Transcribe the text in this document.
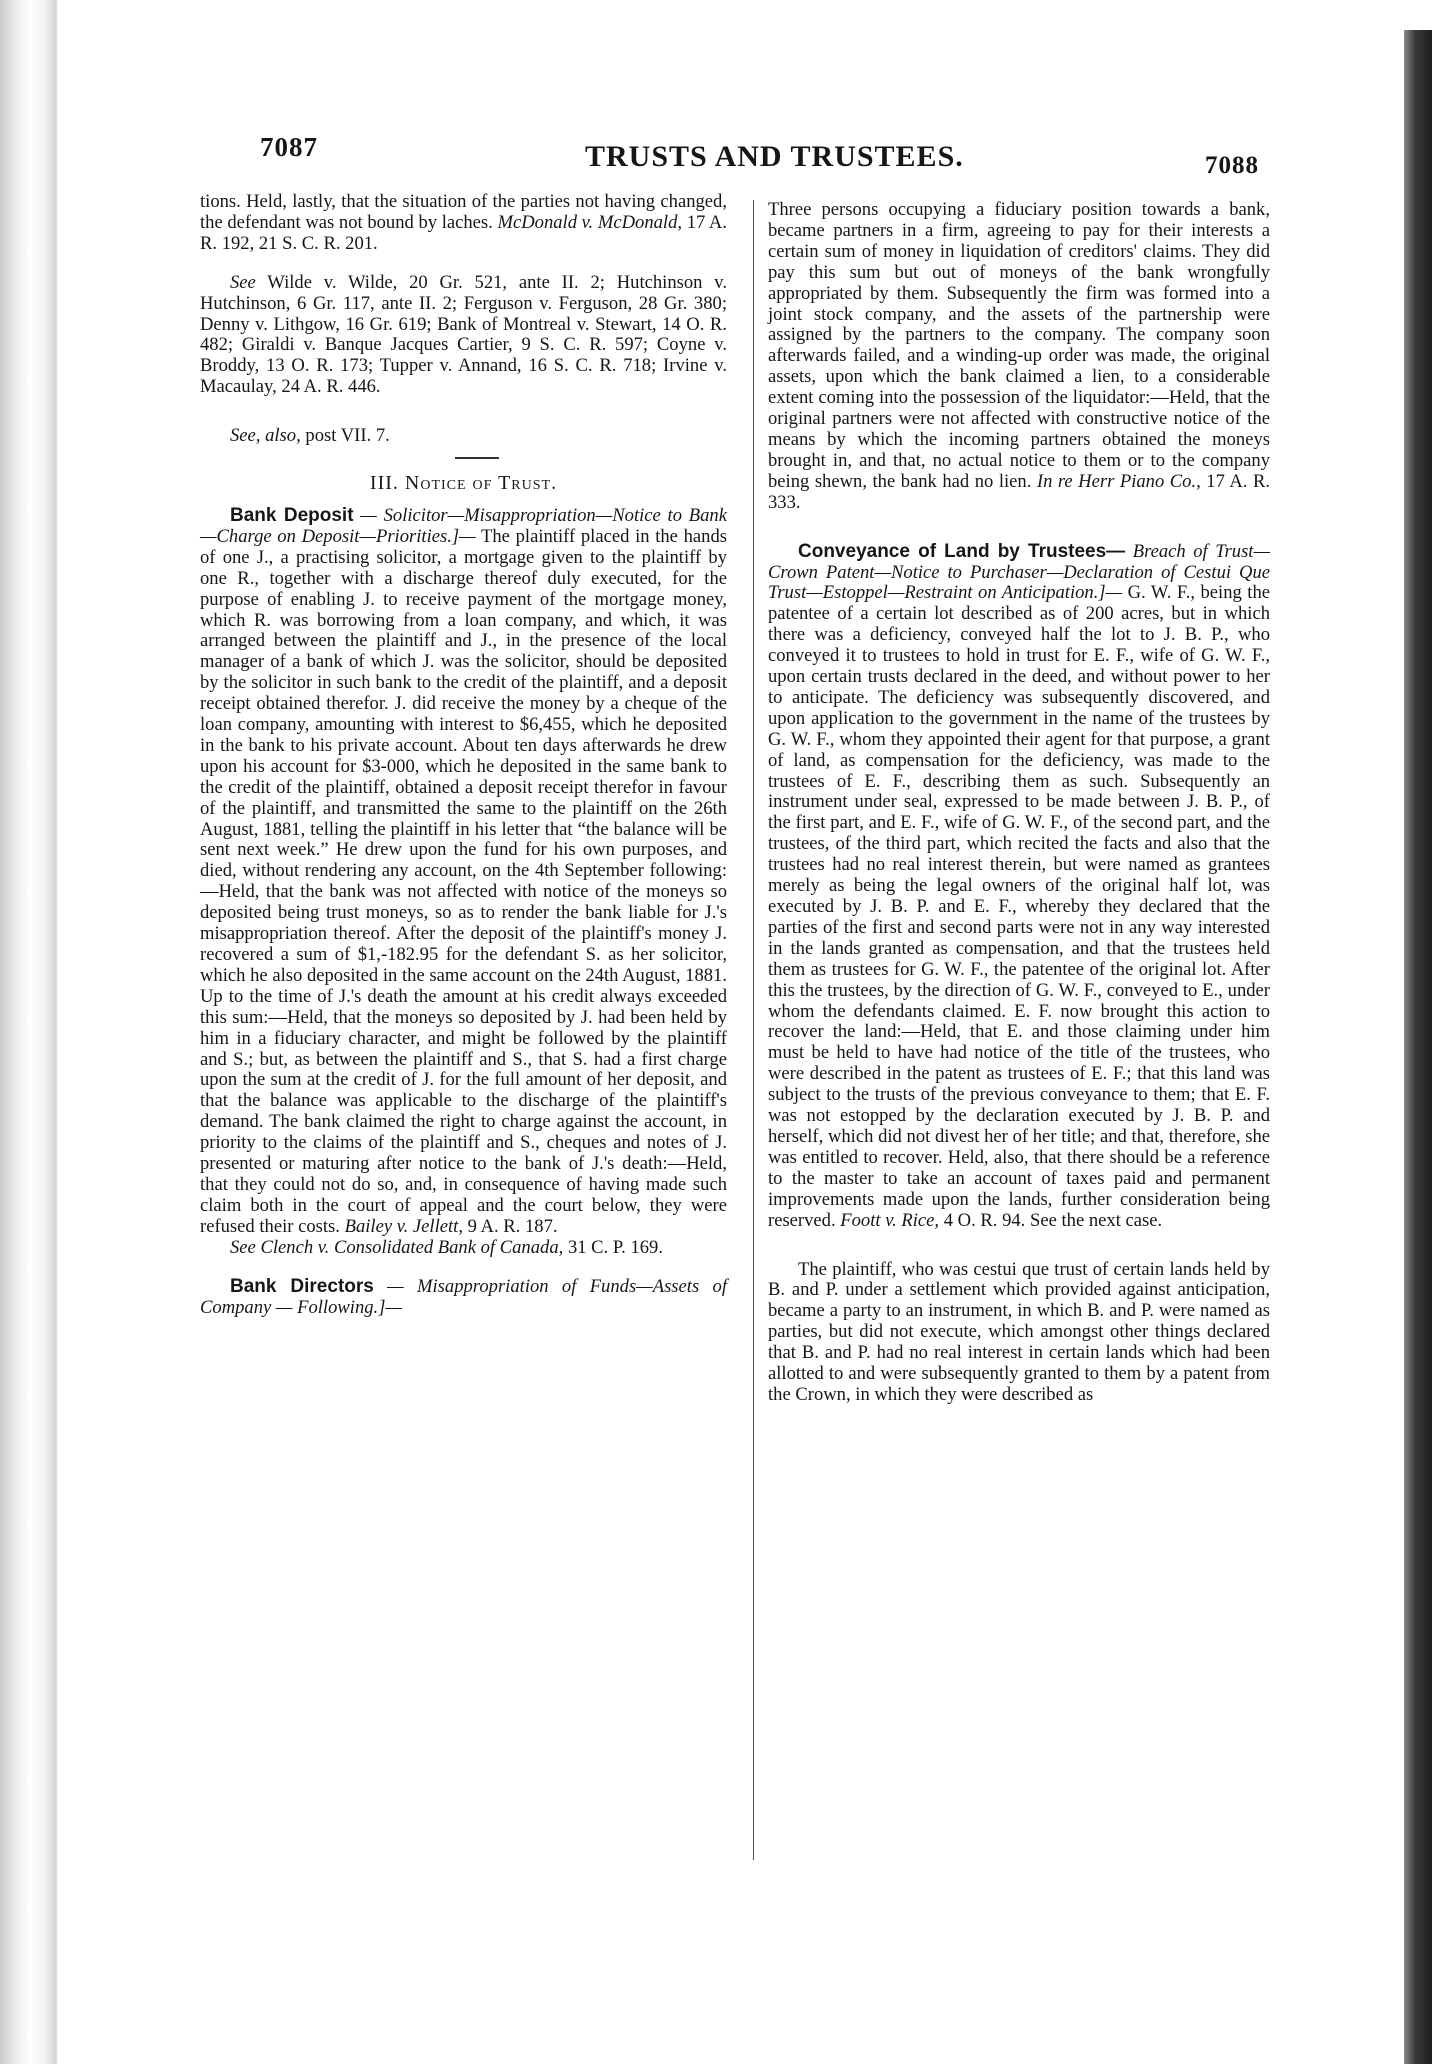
7087	TRUSTS AND TRUSTEES.	7088

tions. Held, lastly, that the situation of the parties not having changed, the defendant was not bound by laches. McDonald v. McDonald, 17 A. R. 192, 21 S. C. R. 201.

See Wilde v. Wilde, 20 Gr. 521, ante II. 2; Hutchinson v. Hutchinson, 6 Gr. 117, ante II. 2; Ferguson v. Ferguson, 28 Gr. 380; Denny v. Lithgow, 16 Gr. 619; Bank of Montreal v. Stewart, 14 O. R. 482; Giraldi v. Banque Jacques Cartier, 9 S. C. R. 597; Coyne v. Broddy, 13 O. R. 173; Tupper v. Annand, 16 S. C. R. 718; Irvine v. Macaulay, 24 A. R. 446.

See, also, post VII. 7.

III. Notice of Trust.

Bank Deposit — Solicitor—Misappropriation—Notice to Bank—Charge on Deposit—Priorities.]— The plaintiff placed in the hands of one J., a practising solicitor, a mortgage given to the plaintiff by one R., together with a discharge thereof duly executed, for the purpose of enabling J. to receive payment of the mortgage money, which R. was borrowing from a loan company, and which, it was arranged between the plaintiff and J., in the presence of the local manager of a bank of which J. was the solicitor, should be deposited by the solicitor in such bank to the credit of the plaintiff, and a deposit receipt obtained therefor. J. did receive the money by a cheque of the loan company, amounting with interest to $6,455, which he deposited in the bank to his private account. About ten days afterwards he drew upon his account for $3-000, which he deposited in the same bank to the credit of the plaintiff, obtained a deposit receipt therefor in favour of the plaintiff, and transmitted the same to the plaintiff on the 26th August, 1881, telling the plaintiff in his letter that “the balance will be sent next week.” He drew upon the fund for his own purposes, and died, without rendering any account, on the 4th September following:—Held, that the bank was not affected with notice of the moneys so deposited being trust moneys, so as to render the bank liable for J.'s misappropriation thereof. After the deposit of the plaintiff's money J. recovered a sum of $1,-182.95 for the defendant S. as her solicitor, which he also deposited in the same account on the 24th August, 1881. Up to the time of J.'s death the amount at his credit always exceeded this sum:—Held, that the moneys so deposited by J. had been held by him in a fiduciary character, and might be followed by the plaintiff and S.; but, as between the plaintiff and S., that S. had a first charge upon the sum at the credit of J. for the full amount of her deposit, and that the balance was applicable to the discharge of the plaintiff's demand. The bank claimed the right to charge against the account, in priority to the claims of the plaintiff and S., cheques and notes of J. presented or maturing after notice to the bank of J.'s death:—Held, that they could not do so, and, in consequence of having made such claim both in the court of appeal and the court below, they were refused their costs. Bailey v. Jellett, 9 A. R. 187.

See Clench v. Consolidated Bank of Canada, 31 C. P. 169.

Bank Directors — Misappropriation of Funds—Assets of Company — Following.]—

Three persons occupying a fiduciary position towards a bank, became partners in a firm, agreeing to pay for their interests a certain sum of money in liquidation of creditors' claims. They did pay this sum but out of moneys of the bank wrongfully appropriated by them. Subsequently the firm was formed into a joint stock company, and the assets of the partnership were assigned by the partners to the company. The company soon afterwards failed, and a winding-up order was made, the original assets, upon which the bank claimed a lien, to a considerable extent coming into the possession of the liquidator:—Held, that the original partners were not affected with constructive notice of the means by which the incoming partners obtained the moneys brought in, and that, no actual notice to them or to the company being shewn, the bank had no lien. In re Herr Piano Co., 17 A. R. 333.

Conveyance of Land by Trustees— Breach of Trust—Crown Patent—Notice to Purchaser—Declaration of Cestui Que Trust—Estoppel—Restraint on Anticipation.]— G. W. F., being the patentee of a certain lot described as of 200 acres, but in which there was a deficiency, conveyed half the lot to J. B. P., who conveyed it to trustees to hold in trust for E. F., wife of G. W. F., upon certain trusts declared in the deed, and without power to her to anticipate. The deficiency was subsequently discovered, and upon application to the government in the name of the trustees by G. W. F., whom they appointed their agent for that purpose, a grant of land, as compensation for the deficiency, was made to the trustees of E. F., describing them as such. Subsequently an instrument under seal, expressed to be made between J. B. P., of the first part, and E. F., wife of G. W. F., of the second part, and the trustees, of the third part, which recited the facts and also that the trustees had no real interest therein, but were named as grantees merely as being the legal owners of the original half lot, was executed by J. B. P. and E. F., whereby they declared that the parties of the first and second parts were not in any way interested in the lands granted as compensation, and that the trustees held them as trustees for G. W. F., the patentee of the original lot. After this the trustees, by the direction of G. W. F., conveyed to E., under whom the defendants claimed. E. F. now brought this action to recover the land:—Held, that E. and those claiming under him must be held to have had notice of the title of the trustees, who were described in the patent as trustees of E. F.; that this land was subject to the trusts of the previous conveyance to them; that E. F. was not estopped by the declaration executed by J. B. P. and herself, which did not divest her of her title; and that, therefore, she was entitled to recover. Held, also, that there should be a reference to the master to take an account of taxes paid and permanent improvements made upon the lands, further consideration being reserved. Foott v. Rice, 4 O. R. 94. See the next case.

The plaintiff, who was cestui que trust of certain lands held by B. and P. under a settlement which provided against anticipation, became a party to an instrument, in which B. and P. were named as parties, but did not execute, which amongst other things declared that B. and P. had no real interest in certain lands which had been allotted to and were subsequently granted to them by a patent from the Crown, in which they were described as
